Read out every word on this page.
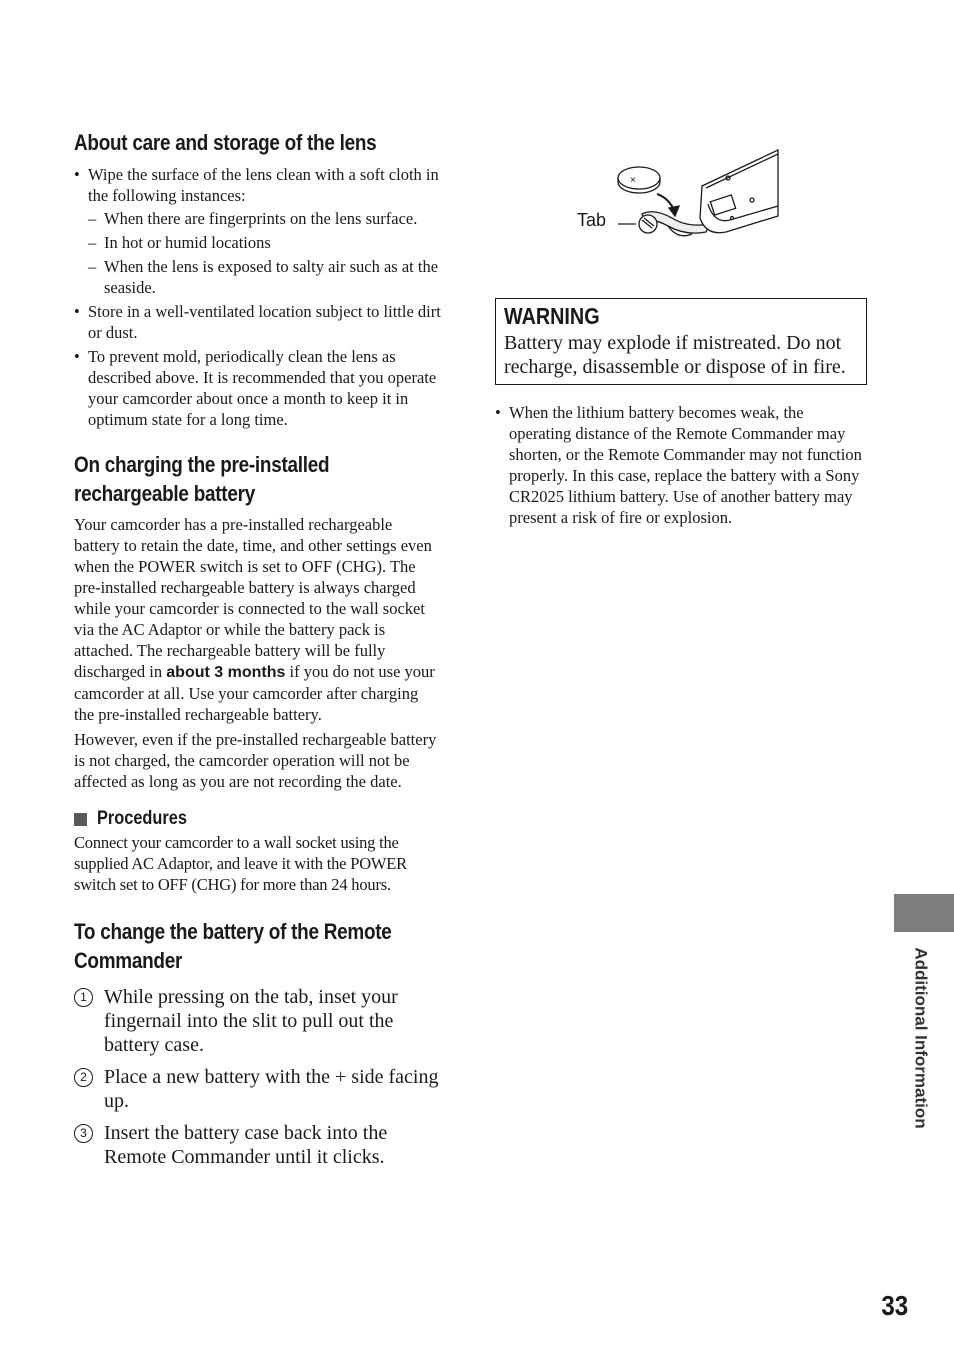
About care and storage of the lens
• Wipe the surface of the lens clean with a soft cloth in the following instances:
– When there are fingerprints on the lens surface.
– In hot or humid locations
– When the lens is exposed to salty air such as at the seaside.
• Store in a well-ventilated location subject to little dirt or dust.
• To prevent mold, periodically clean the lens as described above. It is recommended that you operate your camcorder about once a month to keep it in optimum state for a long time.
On charging the pre-installed rechargeable battery

Your camcorder has a pre-installed rechargeable battery to retain the date, time, and other settings even when the POWER switch is set to OFF (CHG). The pre-installed rechargeable battery is always charged while your camcorder is connected to the wall socket via the AC Adaptor or while the battery pack is attached. The rechargeable battery will be fully discharged in about 3 months if you do not use your camcorder at all. Use your camcorder after charging the pre-installed rechargeable battery.

However, even if the pre-installed rechargeable battery is not charged, the camcorder operation will not be affected as long as you are not recording the date.

Procedures

Connect your camcorder to a wall socket using the supplied AC Adaptor, and leave it with the POWER switch set to OFF (CHG) for more than 24 hours.

To change the battery of the Remote Commander
1 While pressing on the tab, inset your fingernail into the slit to pull out the battery case.
2 Place a new battery with the + side facing up.
3 Insert the battery case back into the Remote Commander until it clicks.
Tab
×
WARNING

Battery may explode if mistreated. Do not recharge, disassemble or dispose of in fire.

• When the lithium battery becomes weak, the operating distance of the Remote Commander may shorten, or the Remote Commander may not function properly. In this case, replace the battery with a Sony CR2025 lithium battery. Use of another battery may present a risk of fire or explosion.
Additional Information
33
